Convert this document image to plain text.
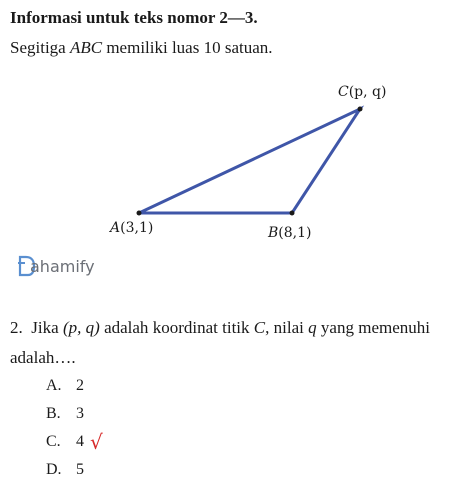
Informasi untuk teks nomor 2—3.
Segitiga ABC memiliki luas 10 satuan.
C(p, q)
A(3,1)	B(8,1)
ahamify
2. Jika (p, q) adalah koordinat titik C, nilai q yang memenuhi adalah….
A. 2
B. 3
C. 4 √
D. 5
